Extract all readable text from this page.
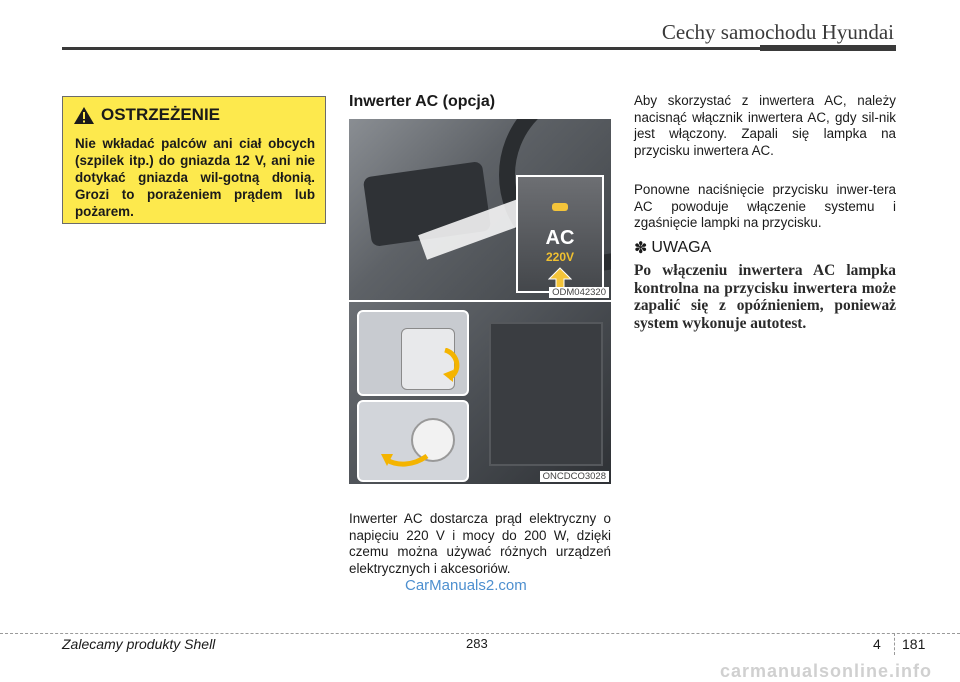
Cechy samochodu Hyundai
OSTRZEŻENIE
Nie wkładać palców ani ciał obcych (szpilek itp.) do gniazda 12 V, ani nie dotykać gniazda wil-gotną dłonią. Grozi to porażeniem prądem lub pożarem.
Inwerter AC (opcja)
AC
220V
ODM042320
ONCDCO3028
Inwerter AC dostarcza prąd elektryczny o napięciu 220 V i mocy do 200 W, dzięki czemu można używać różnych urządzeń elektrycznych i akcesoriów.
CarManuals2.com
Aby skorzystać z inwertera AC, należy nacisnąć włącznik inwertera AC, gdy sil-nik jest włączony. Zapali się lampka na przycisku inwertera AC.
Ponowne naciśnięcie przycisku inwer-tera AC powoduje włączenie systemu i zgaśnięcie lampki na przycisku.
✽ UWAGA
Po włączeniu inwertera AC lampka kontrolna na przycisku inwertera może zapalić się z opóźnieniem, ponieważ system wykonuje autotest.
Zalecamy produkty Shell	283	4 181
carmanualsonline.info
